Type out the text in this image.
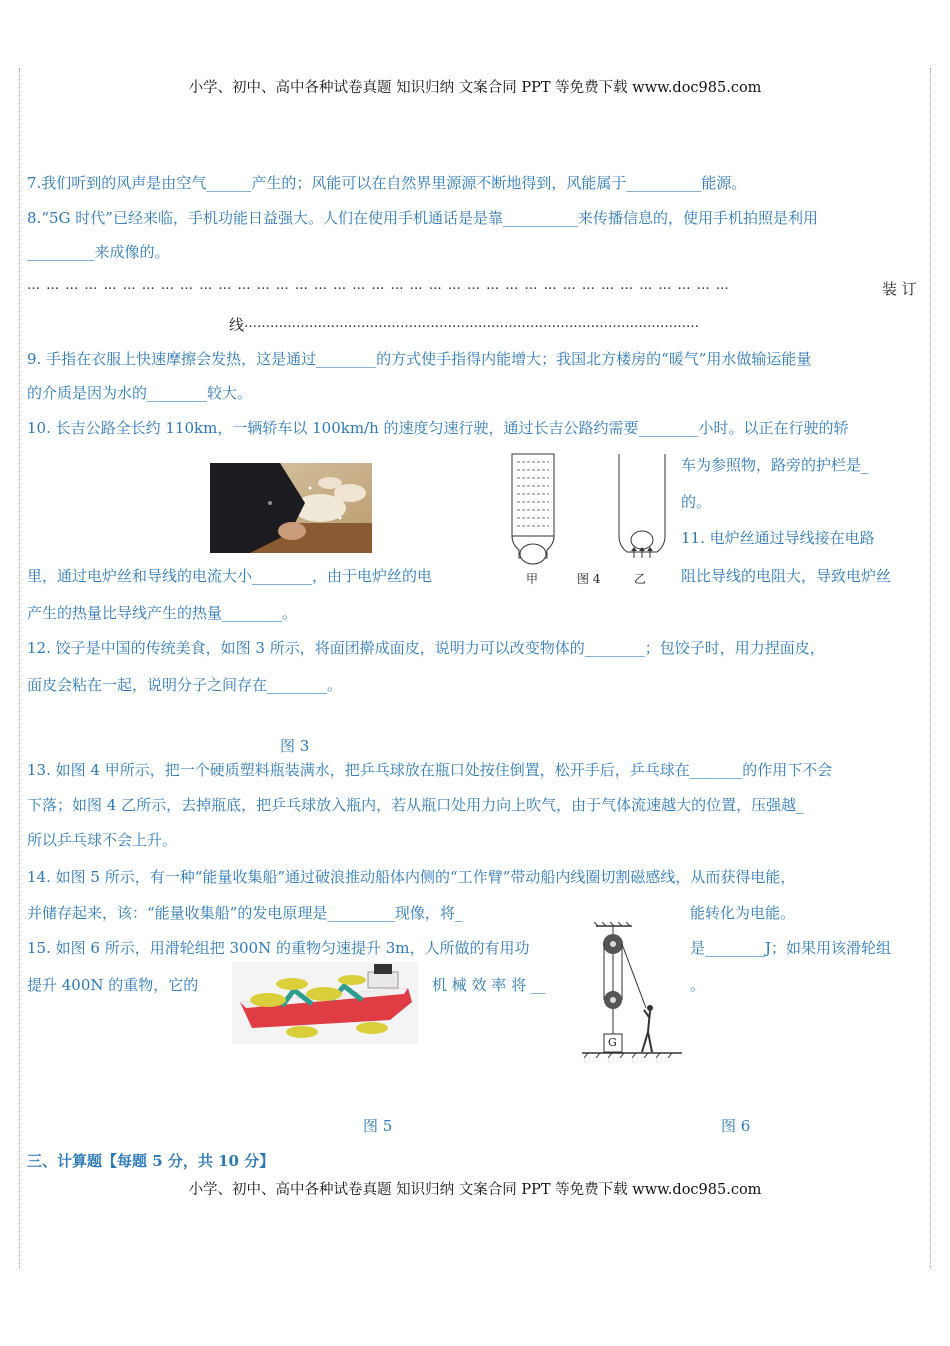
小学、初中、高中各种试卷真题 知识归纳 文案合同 PPT 等免费下载 www.doc985.com
7.我们听到的风声是由空气______产生的；风能可以在自然界里源源不断地得到，风能属于__________能源。
8.“5G 时代”已经来临，手机功能日益强大。人们在使用手机通话是是靠__________来传播信息的，使用手机拍照是利用
_________来成像的。
… … … … … … … … … … … … … … … … … … … … … … … … … … … … … … … … … … … … …	装 订
线 ……………………………………………………………………………………………
9. 手指在衣服上快速摩擦会发热，这是通过________的方式使手指得内能增大；我国北方楼房的“暖气”用水做输运能量
的介质是因为水的________较大。
10. 长吉公路全长约 110km，一辆轿车以 100km/h 的速度匀速行驶，通过长吉公路约需要________小时。以正在行驶的轿
甲	图 4	乙
车为参照物，路旁的护栏是_
的。
11. 电炉丝通过导线接在电路
里，通过电炉丝和导线的电流大小________，由于电炉丝的电	阻比导线的电阻大，导致电炉丝
产生的热量比导线产生的热量________。
12. 饺子是中国的传统美食，如图 3 所示，将面团擀成面皮，说明力可以改变物体的________；包饺子时，用力捏面皮，
面皮会粘在一起，说明分子之间存在________。
图 3
13. 如图 4 甲所示，把一个硬质塑料瓶装满水，把乒乓球放在瓶口处按住倒置，松开手后，乒乓球在_______的作用下不会
下落；如图 4 乙所示，去掉瓶底，把乒乓球放入瓶内，若从瓶口处用力向上吹气，由于气体流速越大的位置，压强越_
所以乒乓球不会上升。
14. 如图 5 所示，有一种“能量收集船”通过破浪推动船体内侧的“工作臂”带动船内线圈切割磁感线，从而获得电能，
并储存起来，该：“能量收集船”的发电原理是_________现像，将_	能转化为电能。
15. 如图 6 所示，用滑轮组把 300N 的重物匀速提升 3m，人所做的有用功	是________J；如果用该滑轮组
提升 400N 的重物，它的	机 械 效 率 将 __	。
G
图 5	图 6
三、计算题【每题 5 分，共 10 分】
小学、初中、高中各种试卷真题 知识归纳 文案合同 PPT 等免费下载 www.doc985.com
